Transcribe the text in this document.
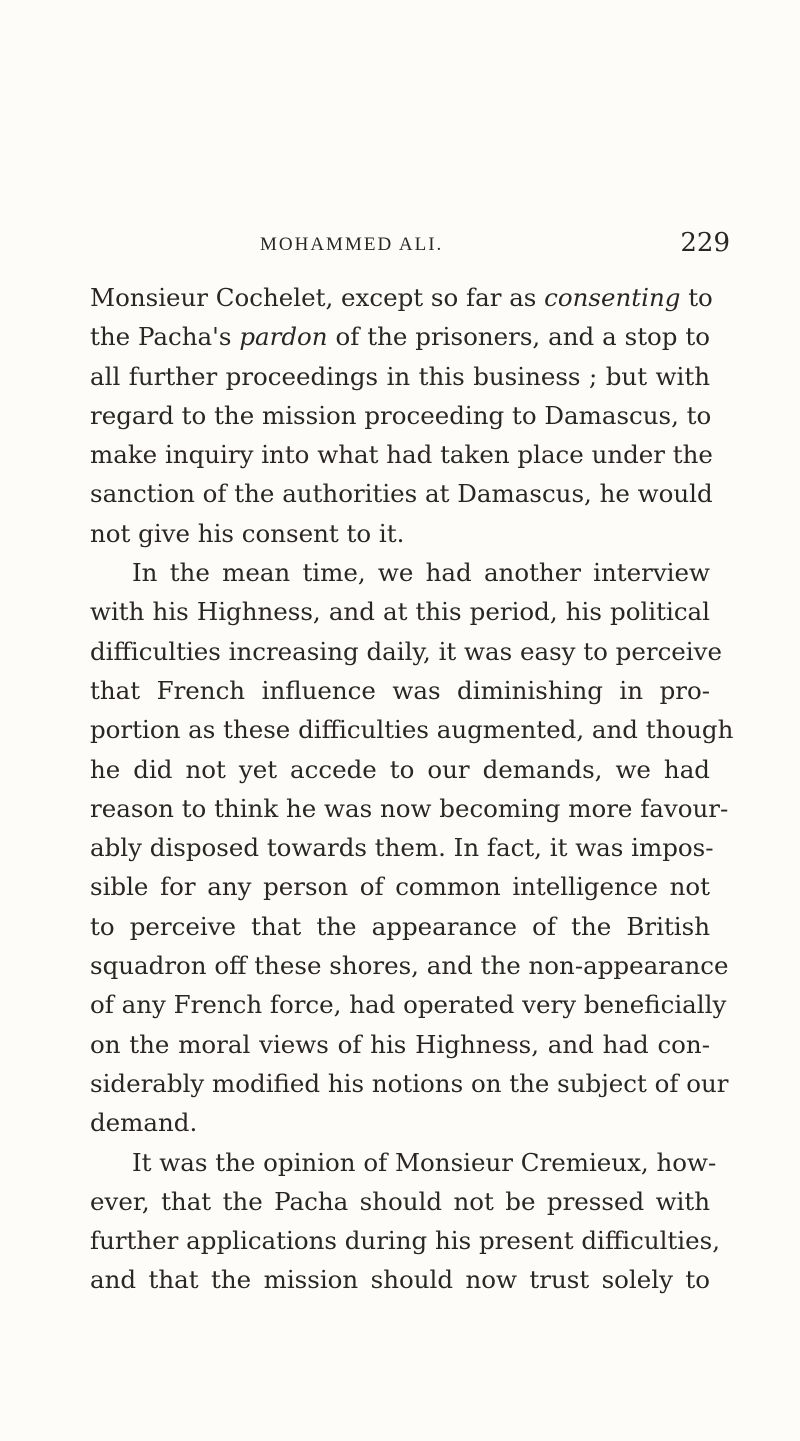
MOHAMMED ALI.	229
Monsieur Cochelet, except so far as consenting to
the Pacha's pardon of the prisoners, and a stop to
all further proceedings in this business ; but with
regard to the mission proceeding to Damascus, to
make inquiry into what had taken place under the
sanction of the authorities at Damascus, he would
not give his consent to it.
In the mean time, we had another interview
with his Highness, and at this period, his political
difficulties increasing daily, it was easy to perceive
that French influence was diminishing in pro-
portion as these difficulties augmented, and though
he did not yet accede to our demands, we had
reason to think he was now becoming more favour-
ably disposed towards them. In fact, it was impos-
sible for any person of common intelligence not
to perceive that the appearance of the British
squadron off these shores, and the non-appearance
of any French force, had operated very beneficially
on the moral views of his Highness, and had con-
siderably modified his notions on the subject of our
demand.
It was the opinion of Monsieur Cremieux, how-
ever, that the Pacha should not be pressed with
further applications during his present difficulties,
and that the mission should now trust solely to
